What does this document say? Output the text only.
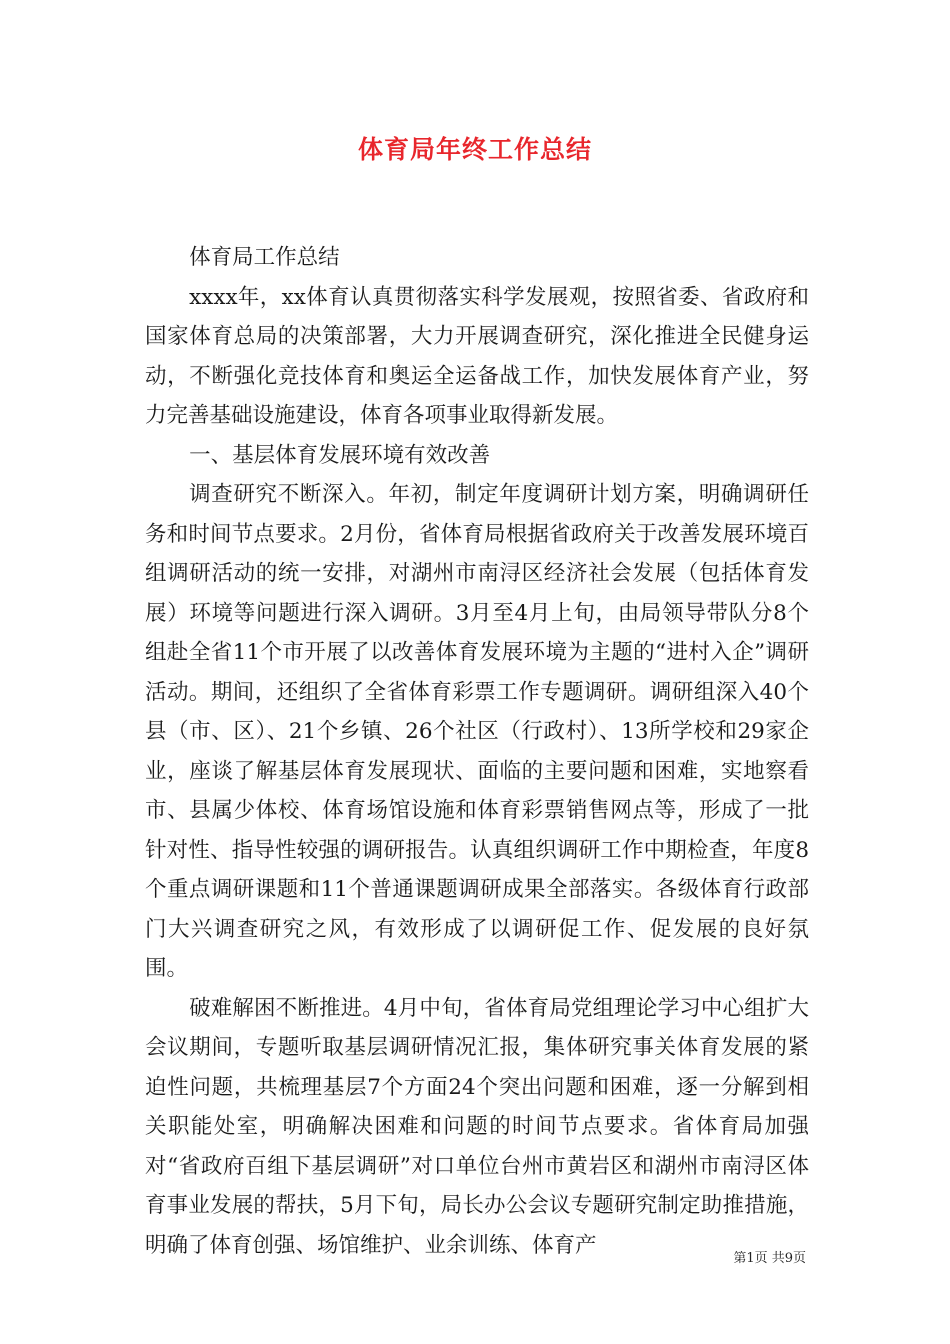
体育局年终工作总结

体育局工作总结

xxxx年，xx体育认真贯彻落实科学发展观，按照省委、省政府和国家体育总局的决策部署，大力开展调查研究，深化推进全民健身运动，不断强化竞技体育和奥运全运备战工作，加快发展体育产业，努力完善基础设施建设，体育各项事业取得新发展。

一、基层体育发展环境有效改善

调查研究不断深入。年初，制定年度调研计划方案，明确调研任务和时间节点要求。2月份，省体育局根据省政府关于改善发展环境百组调研活动的统一安排，对湖州市南浔区经济社会发展（包括体育发展）环境等问题进行深入调研。3月至4月上旬，由局领导带队分8个组赴全省11个市开展了以改善体育发展环境为主题的“进村入企”调研活动。期间，还组织了全省体育彩票工作专题调研。调研组深入40个县（市、区）、21个乡镇、26个社区（行政村）、13所学校和29家企业，座谈了解基层体育发展现状、面临的主要问题和困难，实地察看市、县属少体校、体育场馆设施和体育彩票销售网点等，形成了一批针对性、指导性较强的调研报告。认真组织调研工作中期检查，年度8个重点调研课题和11个普通课题调研成果全部落实。各级体育行政部门大兴调查研究之风，有效形成了以调研促工作、促发展的良好氛围。

破难解困不断推进。4月中旬，省体育局党组理论学习中心组扩大会议期间，专题听取基层调研情况汇报，集体研究事关体育发展的紧迫性问题，共梳理基层7个方面24个突出问题和困难，逐一分解到相关职能处室，明确解决困难和问题的时间节点要求。省体育局加强对“省政府百组下基层调研”对口单位台州市黄岩区和湖州市南浔区体育事业发展的帮扶，5月下旬，局长办公会议专题研究制定助推措施，明确了体育创强、场馆维护、业余训练、体育产

第1页 共9页
